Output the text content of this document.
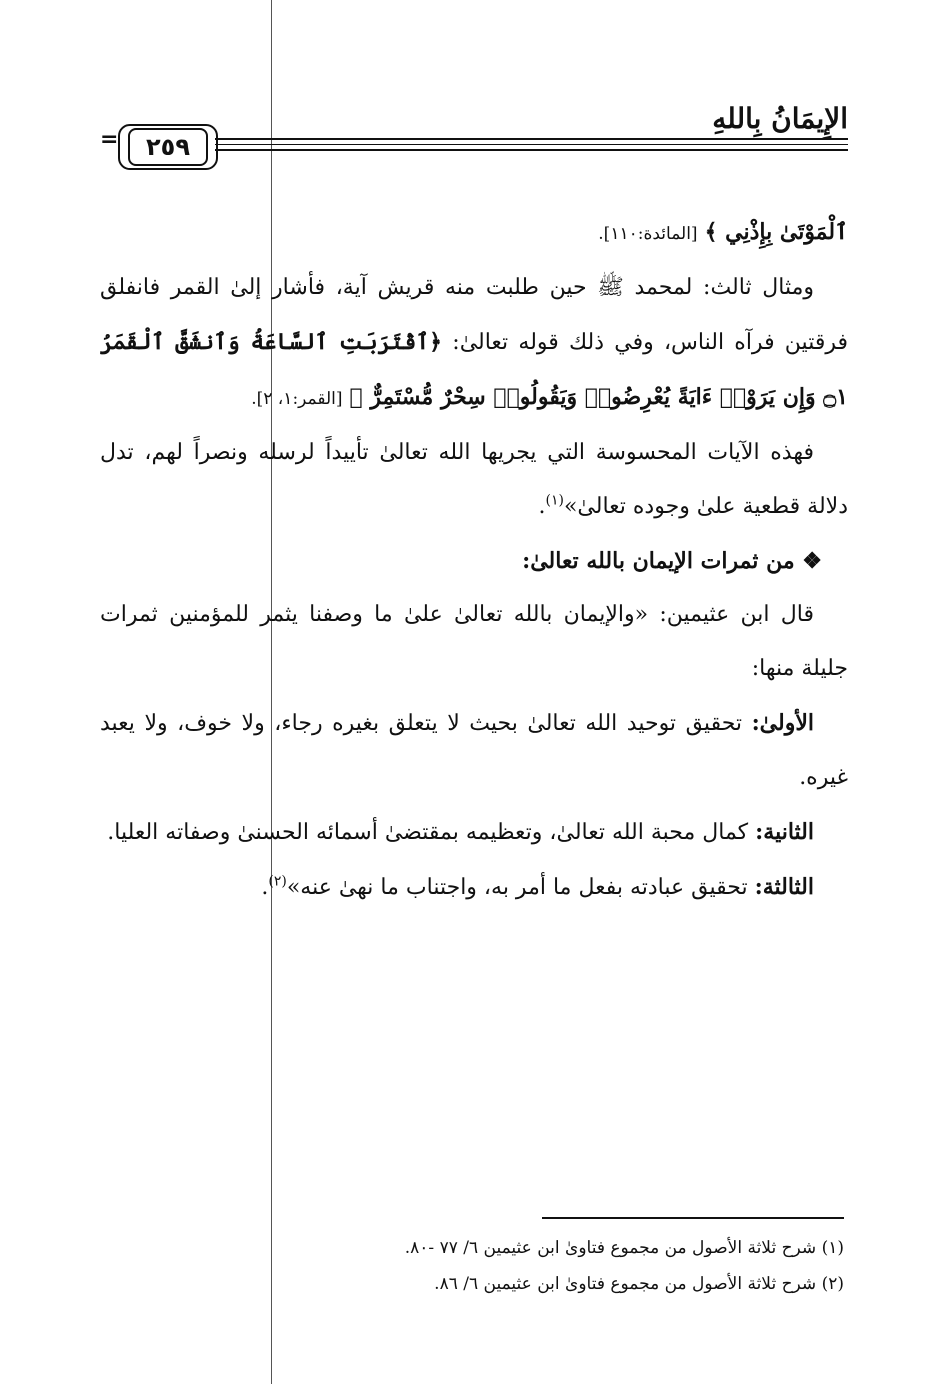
الإِيمَانُ بِاللهِ
=	٢٥٩

ٱلْمَوْتَىٰ بِإِذْنِي ﴾ [المائدة:١١٠].

ومثال ثالث: لمحمد ﷺ حين طلبت منه قريش آية، فأشار إلىٰ القمر فانفلق فرقتين فرآه الناس، وفي ذلك قوله تعالىٰ: ﴿ٱقْتَرَبَتِ ٱلسَّاعَةُ وَٱنشَقَّ ٱلْقَمَرُ ۝١ وَإِن يَرَوْا۟ ءَايَةً يُعْرِضُوا۟ وَيَقُولُوا۟ سِحْرٌ مُّسْتَمِرٌّ ﴾ [القمر:١، ٢].

فهذه الآيات المحسوسة التي يجريها الله تعالىٰ تأييداً لرسله ونصراً لهم، تدل دلالة قطعية علىٰ وجوده تعالىٰ»$^{(١)}$.

❖ من ثمرات الإيمان بالله تعالىٰ:

قال ابن عثيمين: «والإيمان بالله تعالىٰ علىٰ ما وصفنا يثمر للمؤمنين ثمرات جليلة منها:

الأولىٰ: تحقيق توحيد الله تعالىٰ بحيث لا يتعلق بغيره رجاء، ولا خوف، ولا يعبد غيره.

الثانية: كمال محبة الله تعالىٰ، وتعظيمه بمقتضىٰ أسمائه الحسنىٰ وصفاته العليا.

الثالثة: تحقيق عبادته بفعل ما أمر به، واجتناب ما نهىٰ عنه»$^{(٢)}$.

(١) شرح ثلاثة الأصول من مجموع فتاوىٰ ابن عثيمين ٦/ ٧٧ -٨٠.

(٢) شرح ثلاثة الأصول من مجموع فتاوىٰ ابن عثيمين ٦/ ٨٦.
